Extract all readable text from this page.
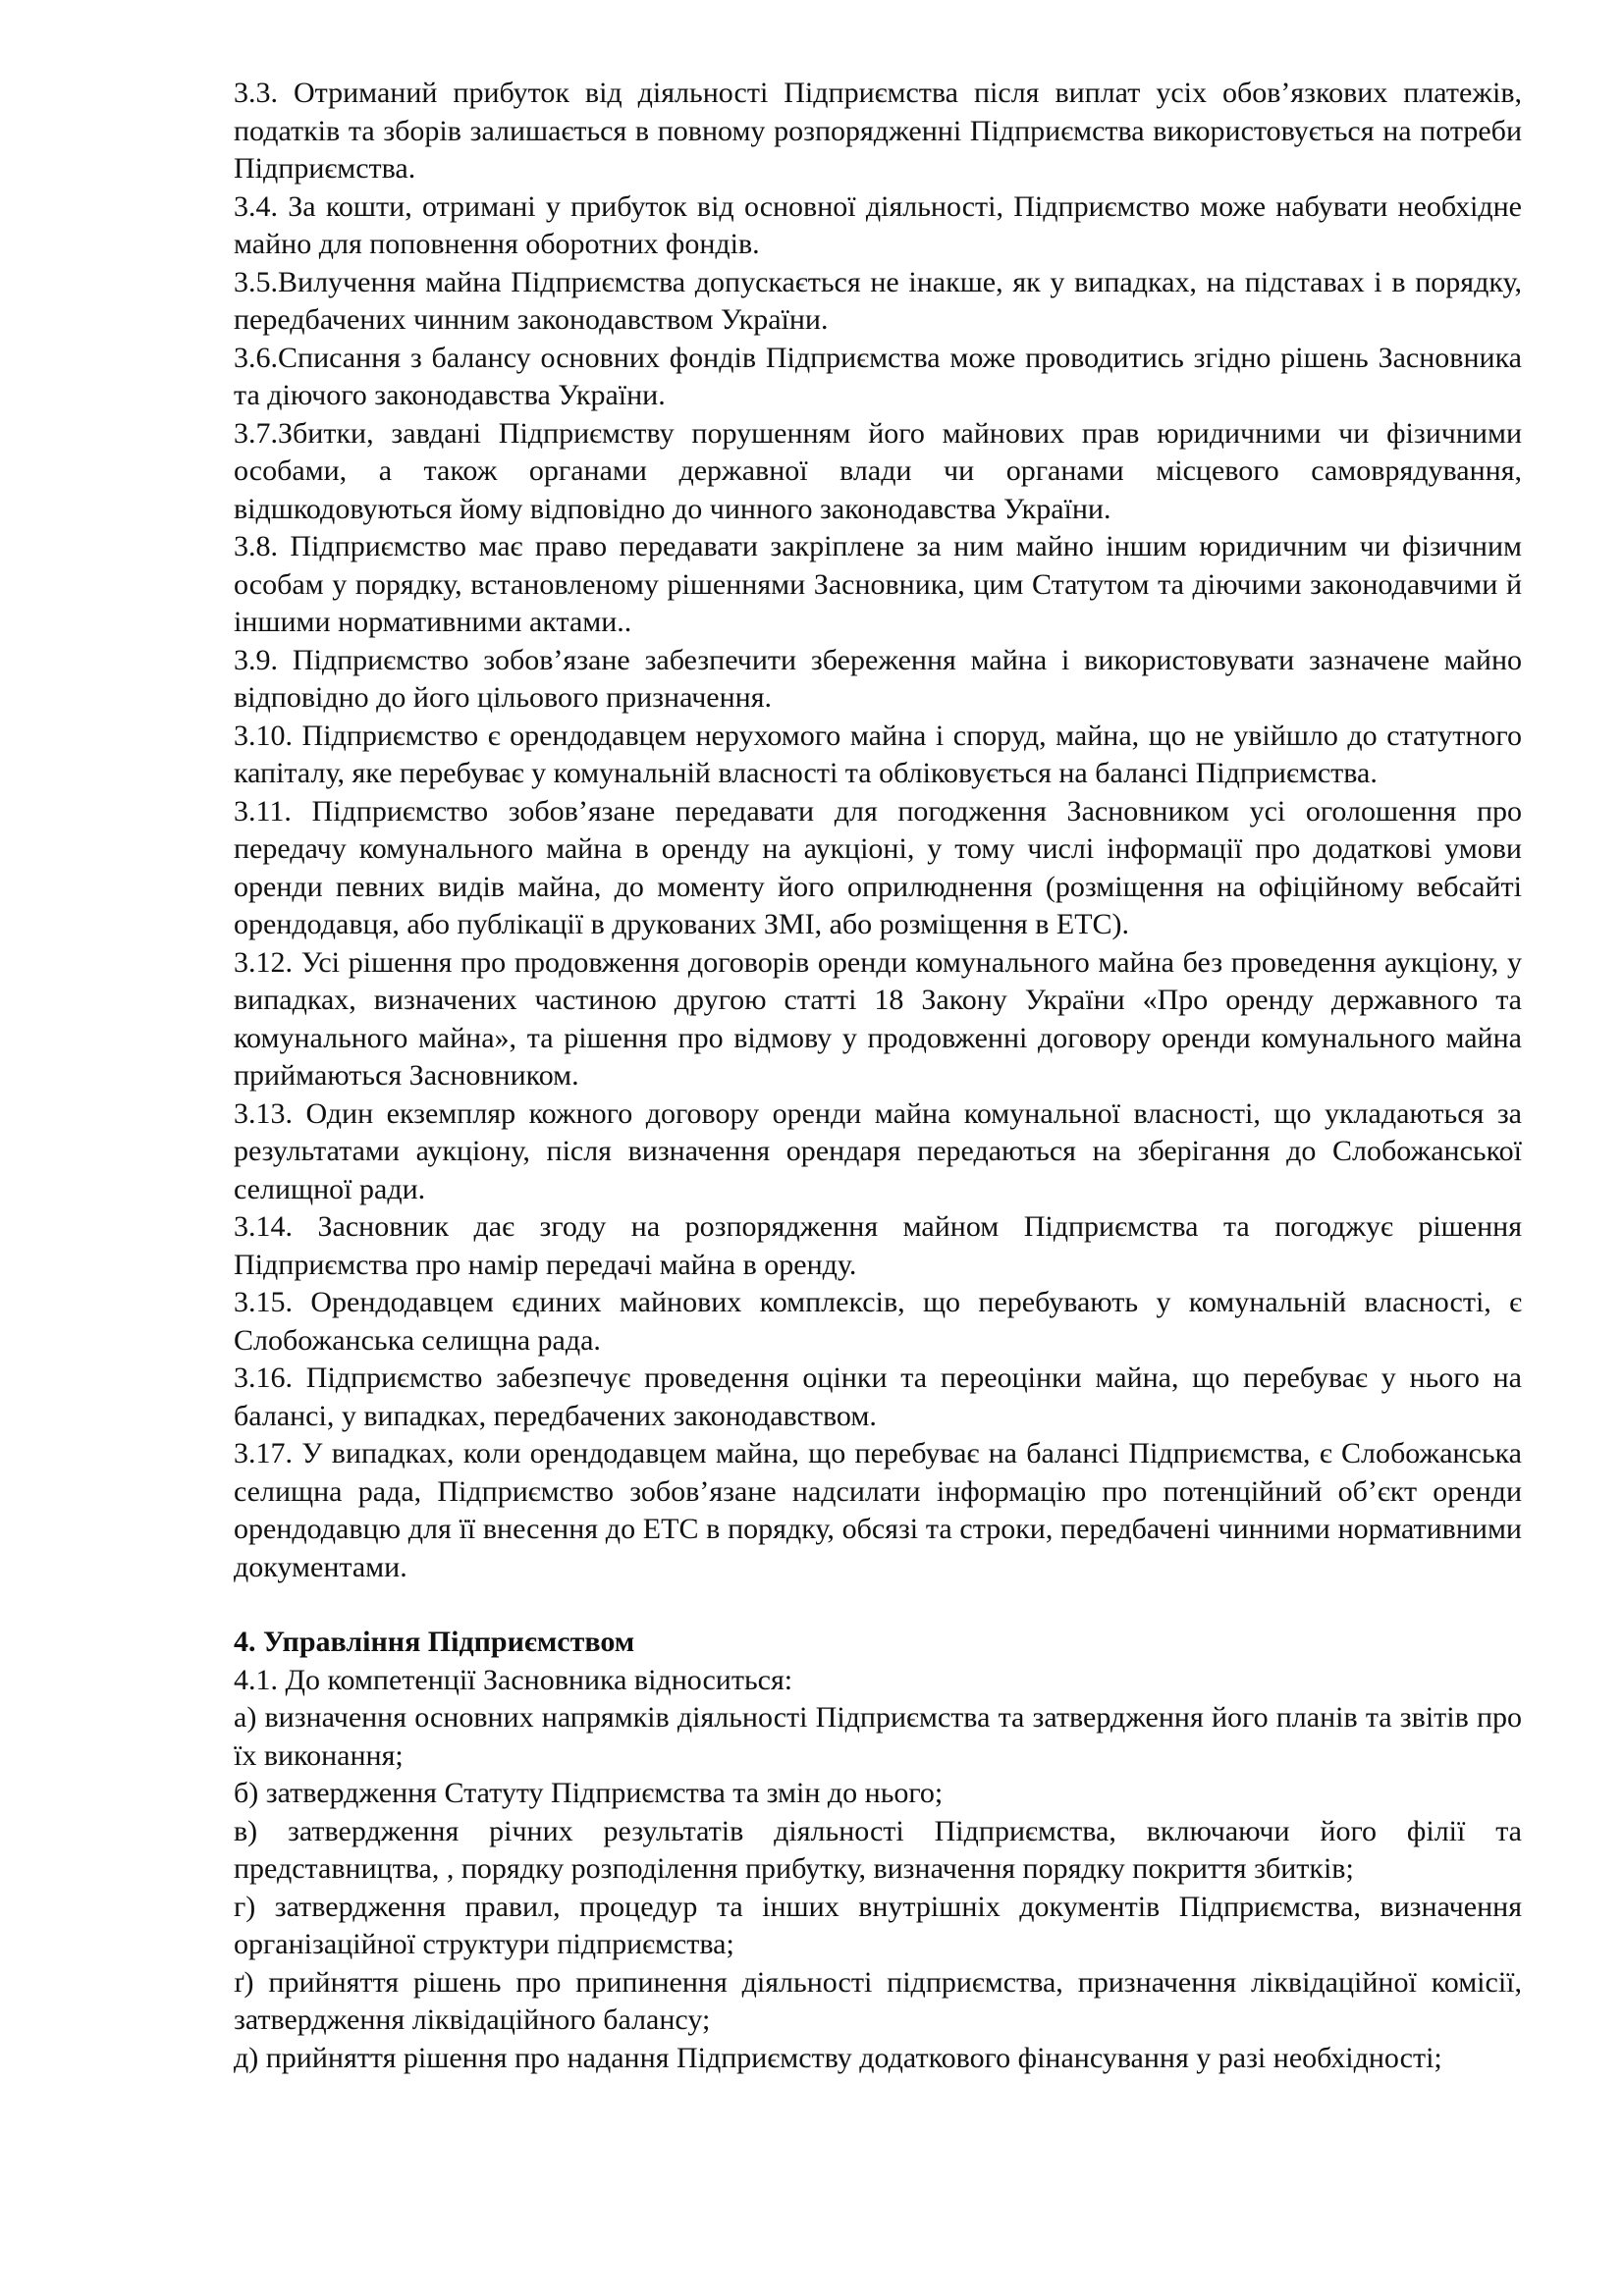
3.3. Отриманий прибуток від діяльності Підприємства після виплат усіх обов’язкових платежів, податків та зборів залишається в повному розпорядженні Підприємства використовується на потреби Підприємства.

3.4. За кошти, отримані у прибуток від основної діяльності, Підприємство може набувати необхідне майно для поповнення оборотних фондів.

3.5.Вилучення майна Підприємства допускається не інакше, як у випадках, на підставах і в порядку, передбачених чинним законодавством України.

3.6.Списання з балансу основних фондів Підприємства може проводитись згідно рішень Засновника та діючого законодавства України.

3.7.Збитки, завдані Підприємству порушенням його майнових прав юридичними чи фізичними особами, а також органами державної влади чи органами місцевого самоврядування, відшкодовуються йому відповідно до чинного законодавства України.

3.8. Підприємство має право передавати закріплене за ним майно іншим юридичним чи фізичним особам у порядку, встановленому рішеннями Засновника, цим Статутом та діючими законодавчими й іншими нормативними актами..

3.9. Підприємство зобов’язане забезпечити збереження майна і використовувати зазначене майно відповідно до його цільового призначення.

3.10. Підприємство є орендодавцем нерухомого майна і споруд, майна, що не увійшло до статутного капіталу, яке перебуває у комунальній власності та обліковується на балансі Підприємства.

3.11. Підприємство зобов’язане передавати для погодження Засновником усі оголошення про передачу комунального майна в оренду на аукціоні, у тому числі інформації про додаткові умови оренди певних видів майна, до моменту його оприлюднення (розміщення на офіційному вебсайті орендодавця, або публікації в друкованих ЗМІ, або розміщення в ЕТС).

3.12. Усі рішення про продовження договорів оренди комунального майна без проведення аукціону, у випадках, визначених частиною другою статті 18 Закону України «Про оренду державного та комунального майна», та рішення про відмову у продовженні договору оренди комунального майна приймаються Засновником.

3.13. Один екземпляр кожного договору оренди майна комунальної власності, що укладаються за результатами аукціону, після визначення орендаря передаються на зберігання до Слобожанської селищної ради.

3.14. Засновник дає згоду на розпорядження майном Підприємства та погоджує рішення Підприємства про намір передачі майна в оренду.

3.15. Орендодавцем єдиних майнових комплексів, що перебувають у комунальній власності, є Слобожанська селищна рада.

3.16. Підприємство забезпечує проведення оцінки та переоцінки майна, що перебуває у нього на балансі, у випадках, передбачених законодавством.

3.17. У випадках, коли орендодавцем майна, що перебуває на балансі Підприємства, є Слобожанська селищна рада, Підприємство зобов’язане надсилати інформацію про потенційний об’єкт оренди орендодавцю для її внесення до ЕТС в порядку, обсязі та строки, передбачені чинними нормативними документами.

4. Управління Підприємством

4.1. До компетенції Засновника відноситься:

а) визначення основних напрямків діяльності Підприємства та затвердження його планів та звітів про їх виконання;

б) затвердження Статуту Підприємства та змін до нього;

в) затвердження річних результатів діяльності Підприємства, включаючи його філії та представництва, , порядку розподілення прибутку, визначення порядку покриття збитків;

г) затвердження правил, процедур та інших внутрішніх документів Підприємства, визначення організаційної структури підприємства;

ґ) прийняття рішень про припинення діяльності підприємства, призначення ліквідаційної комісії, затвердження ліквідаційного балансу;

д) прийняття рішення про надання Підприємству додаткового фінансування у разі необхідності;
